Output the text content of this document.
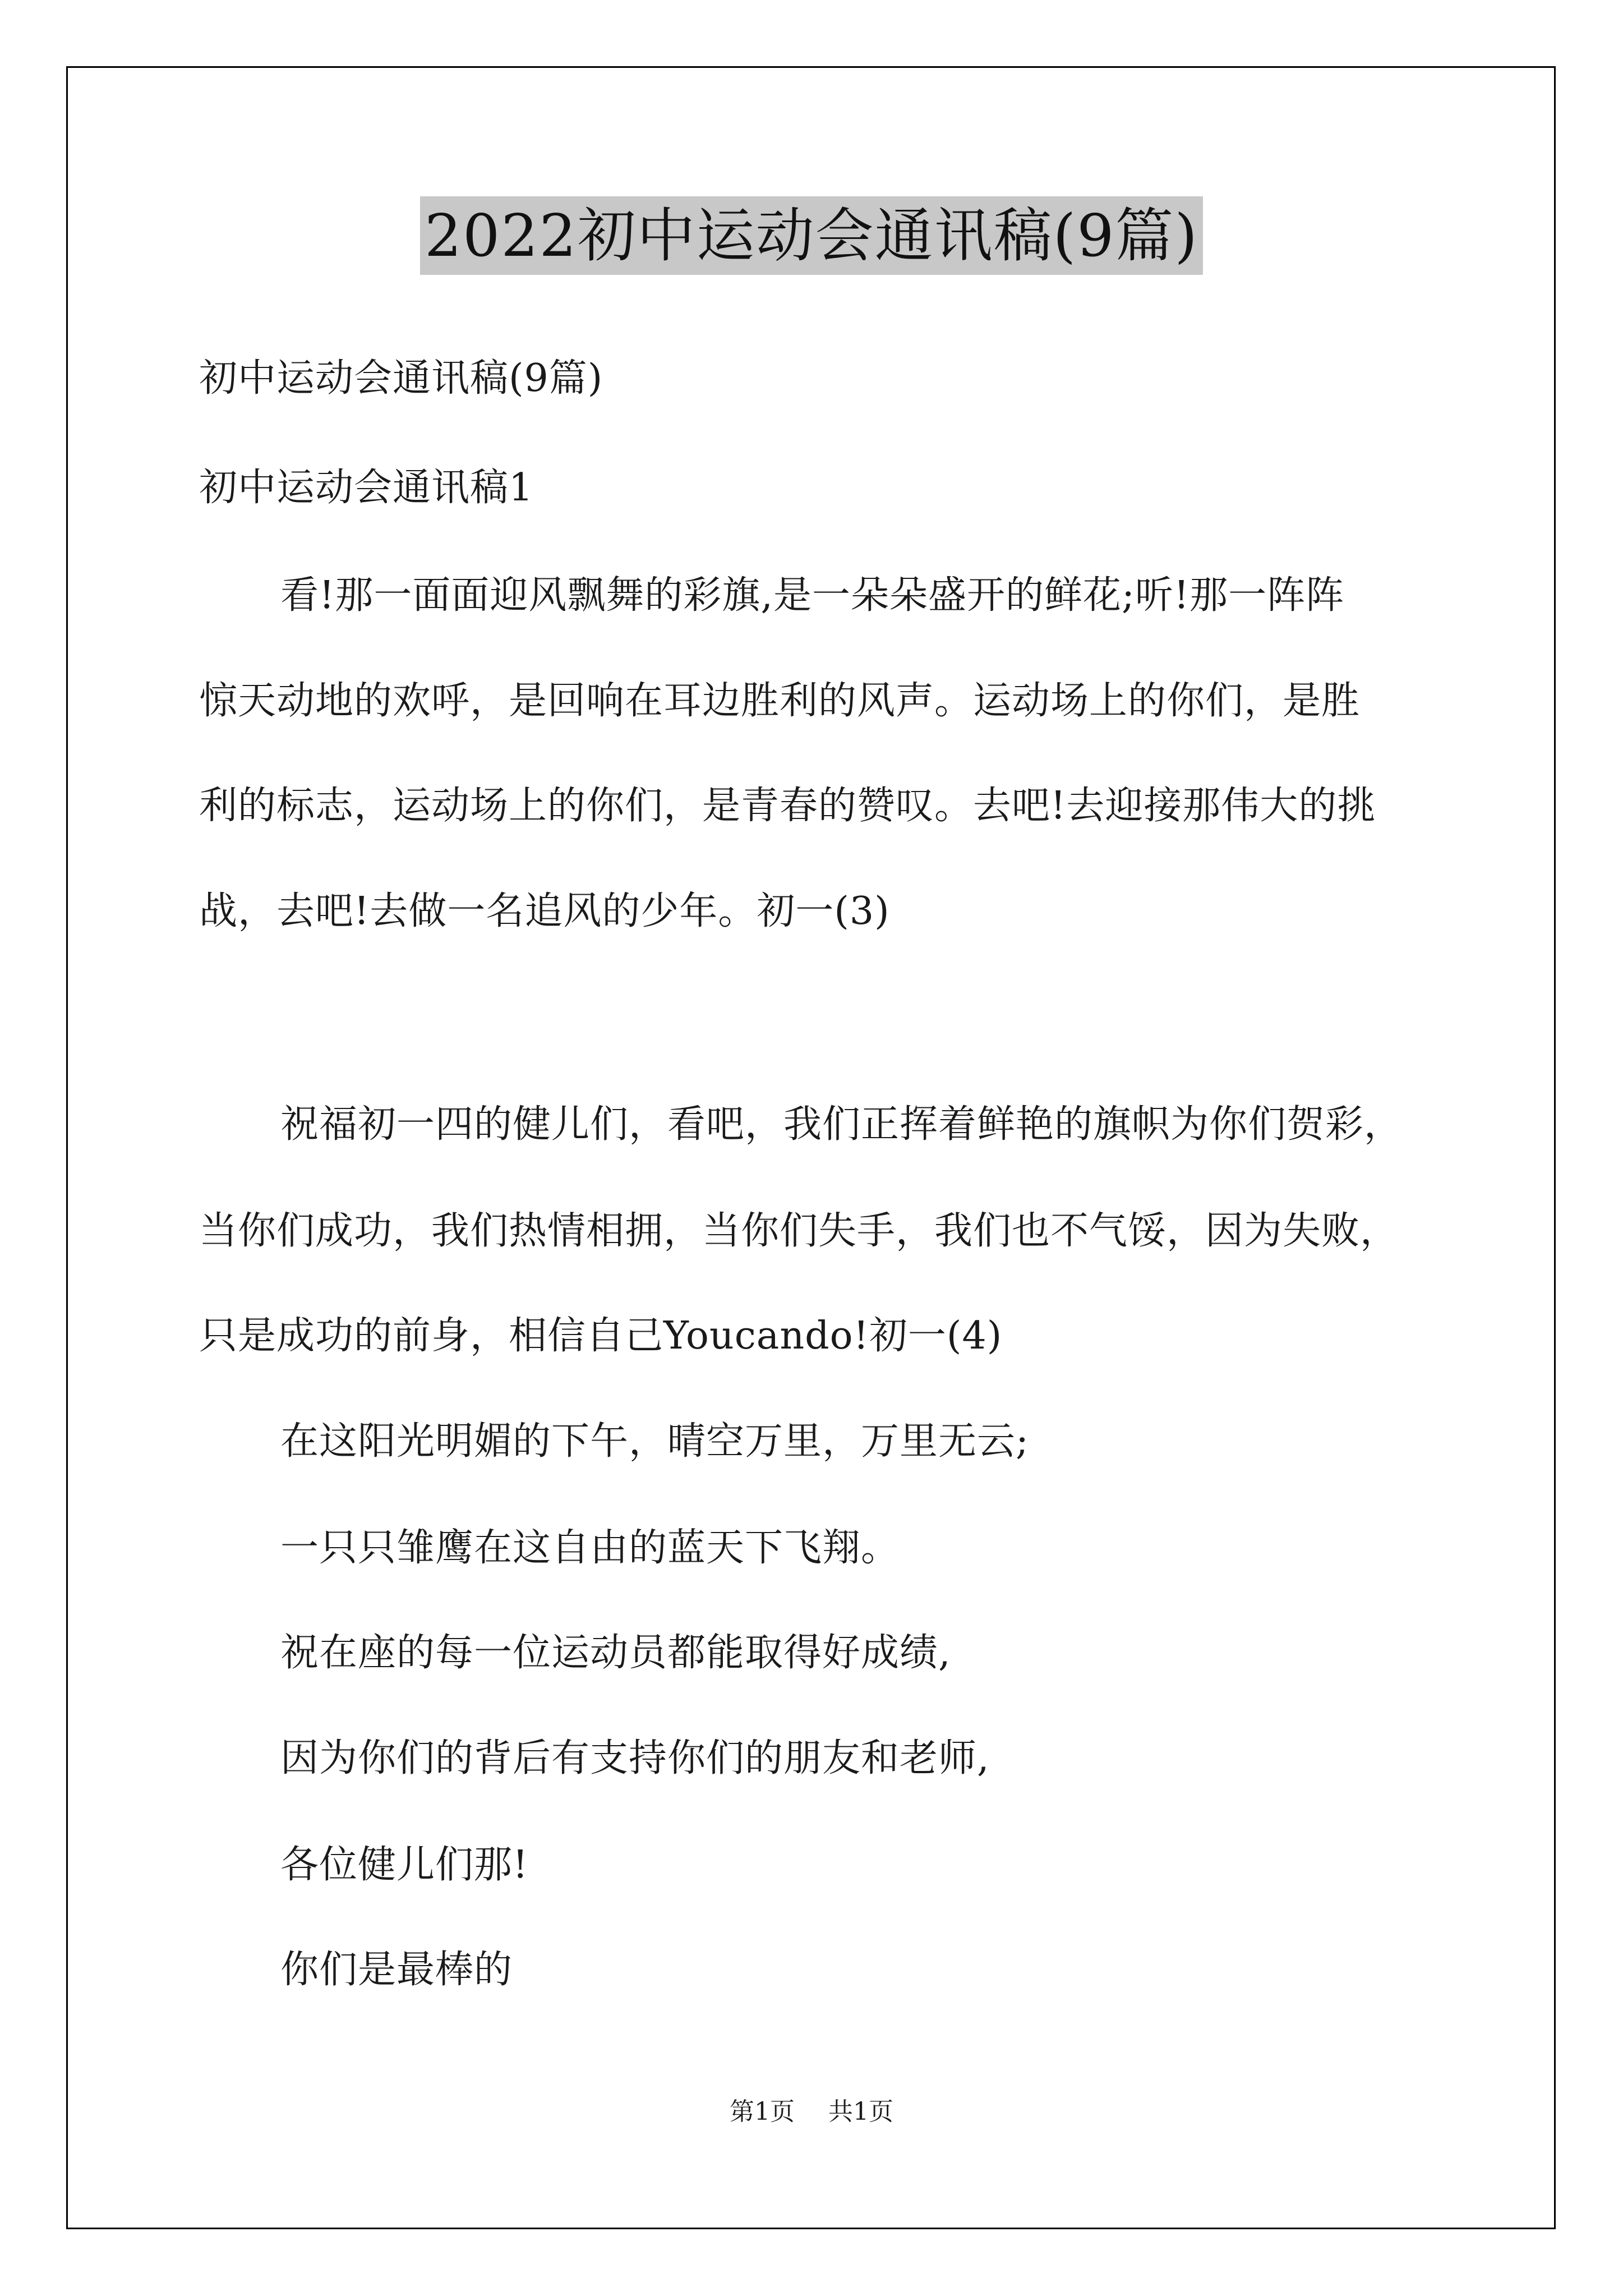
2022初中运动会通讯稿(9篇)
初中运动会通讯稿(9篇)
初中运动会通讯稿1
看!那一面面迎风飘舞的彩旗,是一朵朵盛开的鲜花;听!那一阵阵
惊天动地的欢呼，是回响在耳边胜利的风声。运动场上的你们，是胜
利的标志，运动场上的你们，是青春的赞叹。去吧!去迎接那伟大的挑
战，去吧!去做一名追风的少年。初一(3)
祝福初一四的健儿们，看吧，我们正挥着鲜艳的旗帜为你们贺彩，
当你们成功，我们热情相拥，当你们失手，我们也不气馁，因为失败，
只是成功的前身，相信自己Youcando!初一(4)
在这阳光明媚的下午，晴空万里，万里无云;
一只只雏鹰在这自由的蓝天下飞翔。
祝在座的每一位运动员都能取得好成绩,
因为你们的背后有支持你们的朋友和老师,
各位健儿们那!
你们是最棒的
第1页 共1页
